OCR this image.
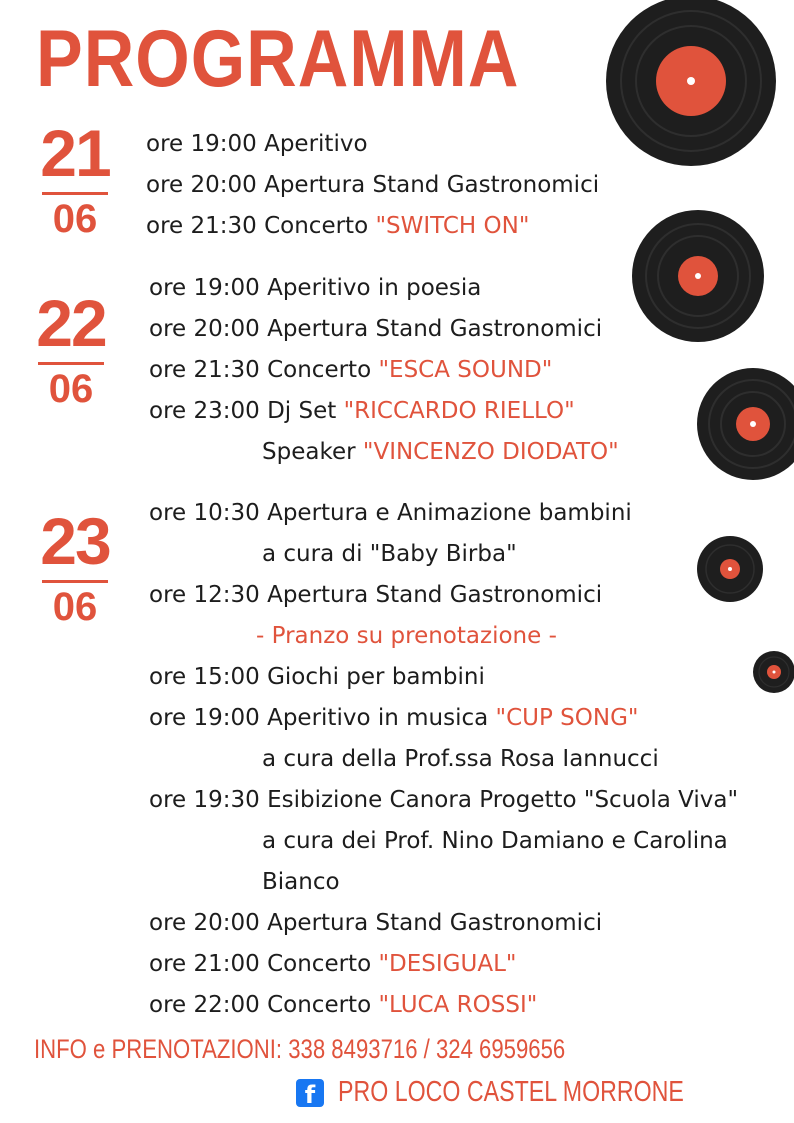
PROGRAMMA
21
06
ore 19:00 Aperitivo
ore 20:00 Apertura Stand Gastronomici
ore 21:30 Concerto "SWITCH ON"
22
06
ore 19:00 Aperitivo in poesia
ore 20:00 Apertura Stand Gastronomici
ore 21:30 Concerto "ESCA SOUND"
ore 23:00 Dj Set "RICCARDO RIELLO"
Speaker "VINCENZO DIODATO"
23
06
ore 10:30 Apertura e Animazione bambini
a cura di "Baby Birba"
ore 12:30 Apertura Stand Gastronomici
- Pranzo su prenotazione -
ore 15:00 Giochi per bambini
ore 19:00 Aperitivo in musica "CUP SONG"
a cura della Prof.ssa Rosa Iannucci
ore 19:30 Esibizione Canora Progetto "Scuola Viva"
a cura dei Prof. Nino Damiano e Carolina
Bianco
ore 20:00 Apertura Stand Gastronomici
ore 21:00 Concerto "DESIGUAL"
ore 22:00 Concerto "LUCA ROSSI"
INFO e PRENOTAZIONI: 338 8493716 / 324 6959656
f PRO LOCO CASTEL MORRONE
